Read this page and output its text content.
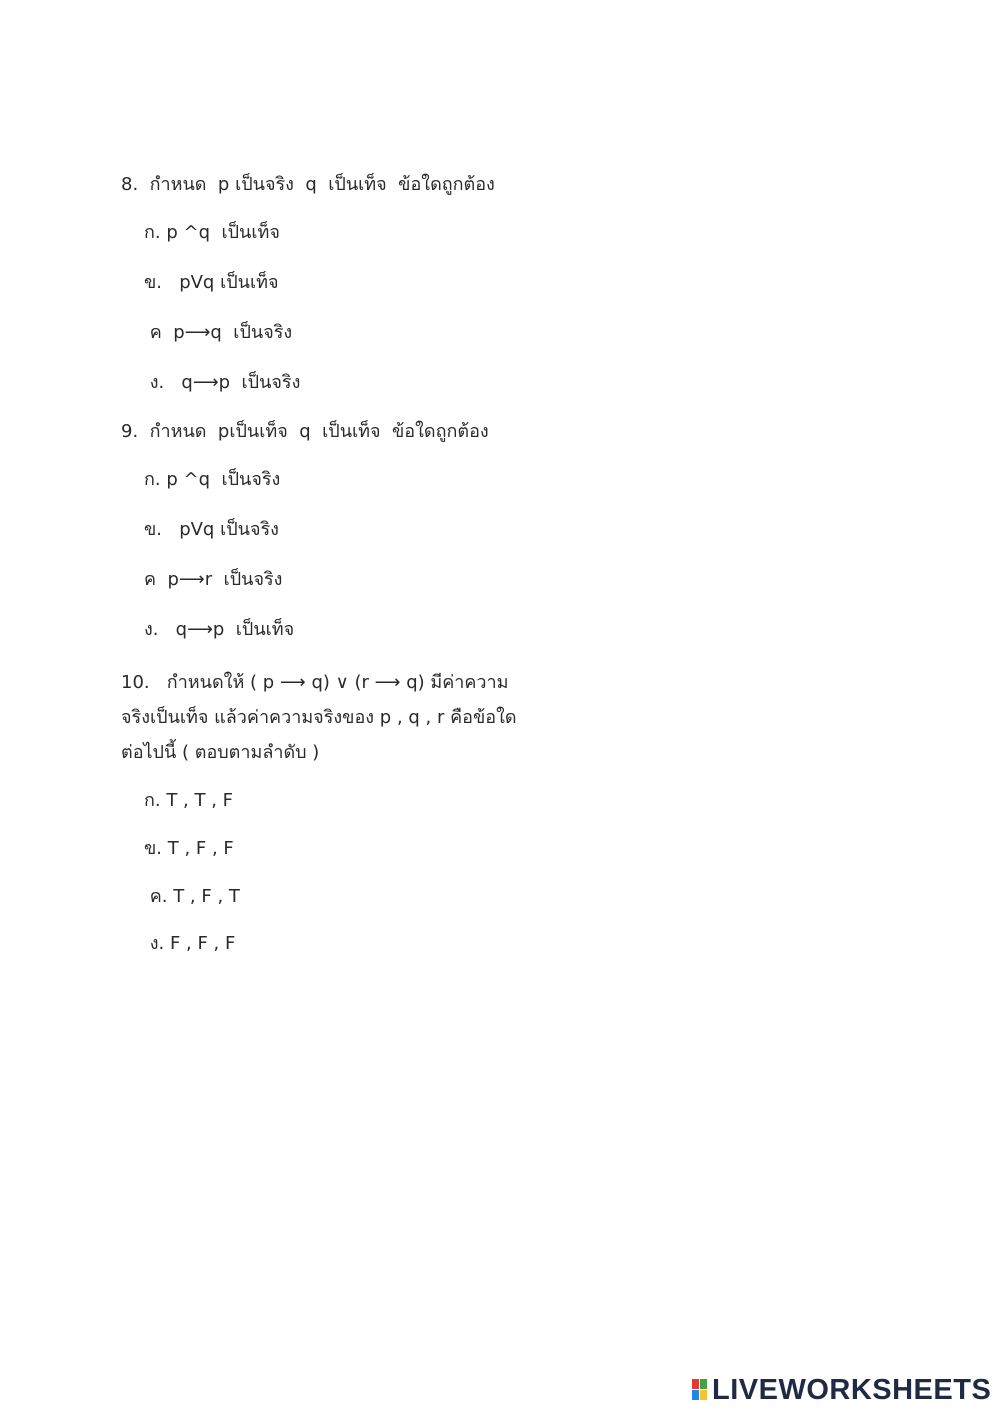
8.  กำหนด  p เป็นจริง  q  เป็นเท็จ  ข้อใดถูกต้อง
ก. p ^q  เป็นเท็จ
ข.   pVq เป็นเท็จ
ค  p⟶q  เป็นจริง
ง.   q⟶p  เป็นจริง
9.  กำหนด  pเป็นเท็จ  q  เป็นเท็จ  ข้อใดถูกต้อง
ก. p ^q  เป็นจริง
ข.   pVq เป็นจริง
ค  p⟶r  เป็นจริง
ง.   q⟶p  เป็นเท็จ
10.   กำหนดให้ ( p ⟶ q) ∨ (r ⟶ q) มีค่าความ
จริงเป็นเท็จ แล้วค่าความจริงของ p , q , r คือข้อใด
ต่อไปนี้ ( ตอบตามลำดับ )
ก. T , T , F
ข. T , F , F
ค. T , F , T
ง. F , F , F
LIVEWORKSHEETS
